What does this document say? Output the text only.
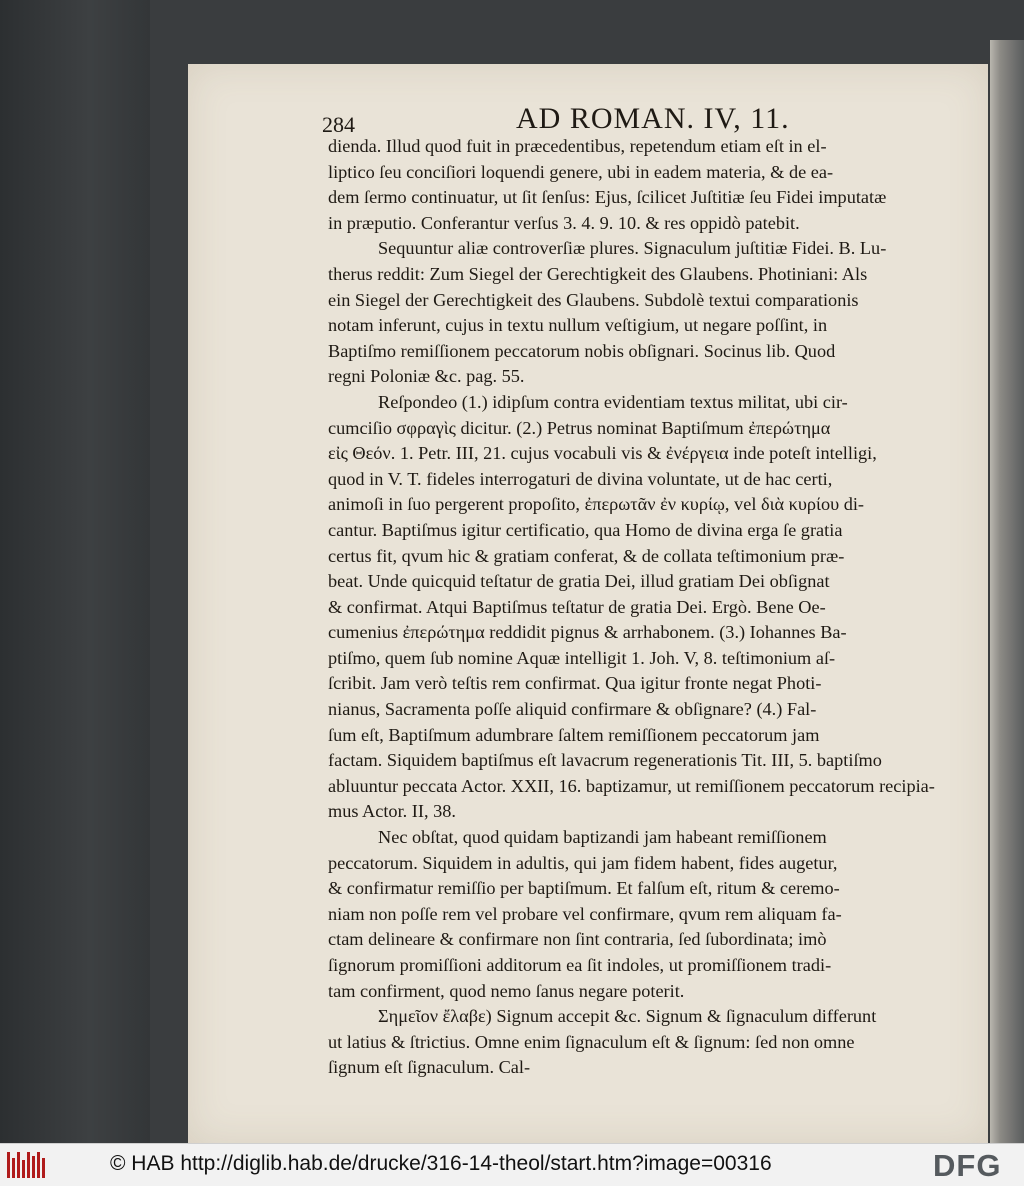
284	AD ROMAN. IV, 11.
dienda. Illud quod fuit in præcedentibus, repetendum etiam eſt in el-
liptico ſeu conciſiori loquendi genere, ubi in eadem materia, & de ea-
dem ſermo continuatur, ut ſit ſenſus: Ejus, ſcilicet Juſtitiæ ſeu Fidei imputatæ
in præputio. Conferantur verſus 3. 4. 9. 10. & res oppidò patebit.
Sequuntur aliæ controverſiæ plures. Signaculum juſtitiæ Fidei. B. Lu-
therus reddit: Zum Siegel der Gerechtigkeit des Glaubens. Photiniani: Als
ein Siegel der Gerechtigkeit des Glaubens. Subdolè textui comparationis
notam inferunt, cujus in textu nullum veſtigium, ut negare poſſint, in
Baptiſmo remiſſionem peccatorum nobis obſignari. Socinus lib. Quod
regni Poloniæ &c. pag. 55.
Reſpondeo (1.) idipſum contra evidentiam textus militat, ubi cir-
cumciſio σφραγὶς dicitur. (2.) Petrus nominat Baptiſmum ἐπερώτημα
εἰς Θεόν. 1. Petr. III, 21. cujus vocabuli vis & ἐνέργεια inde poteſt intelligi,
quod in V. T. fideles interrogaturi de divina voluntate, ut de hac certi,
animoſi in ſuo pergerent propoſito, ἐπερωτᾶν ἐν κυρίῳ, vel διὰ κυρίου di-
cantur. Baptiſmus igitur certificatio, qua Homo de divina erga ſe gratia
certus fit, qvum hic & gratiam conferat, & de collata teſtimonium præ-
beat. Unde quicquid teſtatur de gratia Dei, illud gratiam Dei obſignat
& confirmat. Atqui Baptiſmus teſtatur de gratia Dei. Ergò. Bene Oe-
cumenius ἐπερώτημα reddidit pignus & arrhabonem. (3.) Iohannes Ba-
ptiſmo, quem ſub nomine Aquæ intelligit 1. Joh. V, 8. teſtimonium aſ-
ſcribit. Jam verò teſtis rem confirmat. Qua igitur fronte negat Photi-
nianus, Sacramenta poſſe aliquid confirmare & obſignare? (4.) Fal-
ſum eſt, Baptiſmum adumbrare ſaltem remiſſionem peccatorum jam
factam. Siquidem baptiſmus eſt lavacrum regenerationis Tit. III, 5. baptiſmo
abluuntur peccata Actor. XXII, 16. baptizamur, ut remiſſionem peccatorum recipia-
mus Actor. II, 38.
Nec obſtat, quod quidam baptizandi jam habeant remiſſionem
peccatorum. Siquidem in adultis, qui jam fidem habent, fides augetur,
& confirmatur remiſſio per baptiſmum. Et falſum eſt, ritum & ceremo-
niam non poſſe rem vel probare vel confirmare, qvum rem aliquam fa-
ctam delineare & confirmare non ſint contraria, ſed ſubordinata; imò
ſignorum promiſſioni additorum ea ſit indoles, ut promiſſionem tradi-
tam confirment, quod nemo ſanus negare poterit.
Σημεῖον ἔλαβε) Signum accepit &c. Signum & ſignaculum differunt
ut latius & ſtrictius. Omne enim ſignaculum eſt & ſignum: ſed non omne
ſignum eſt ſignaculum. Cal-
© HAB http://diglib.hab.de/drucke/316-14-theol/start.htm?image=00316	DFG
